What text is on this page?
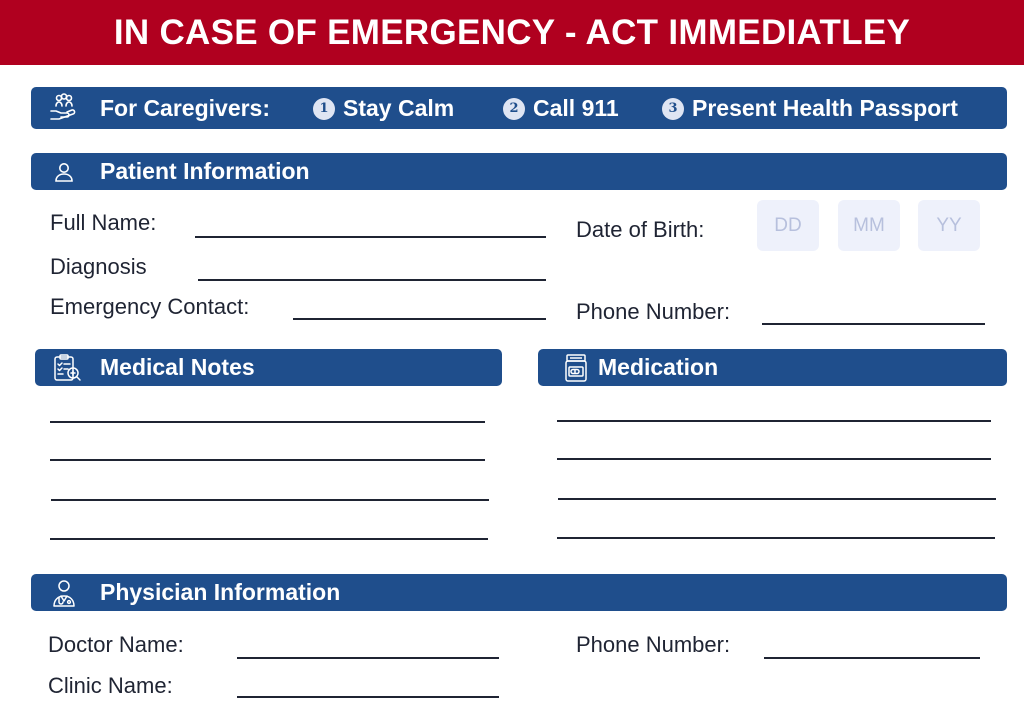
IN CASE OF EMERGENCY - ACT IMMEDIATLEY
For Caregivers:	1 Stay Calm	2 Call 911	3 Present Health Passport
Patient Information
Full Name:
Diagnosis
Emergency Contact:
Date of Birth:	DD	MM	YY
Phone Number:
Medical Notes	Medication
Physician Information
Doctor Name:
Clinic Name:
Phone Number:
